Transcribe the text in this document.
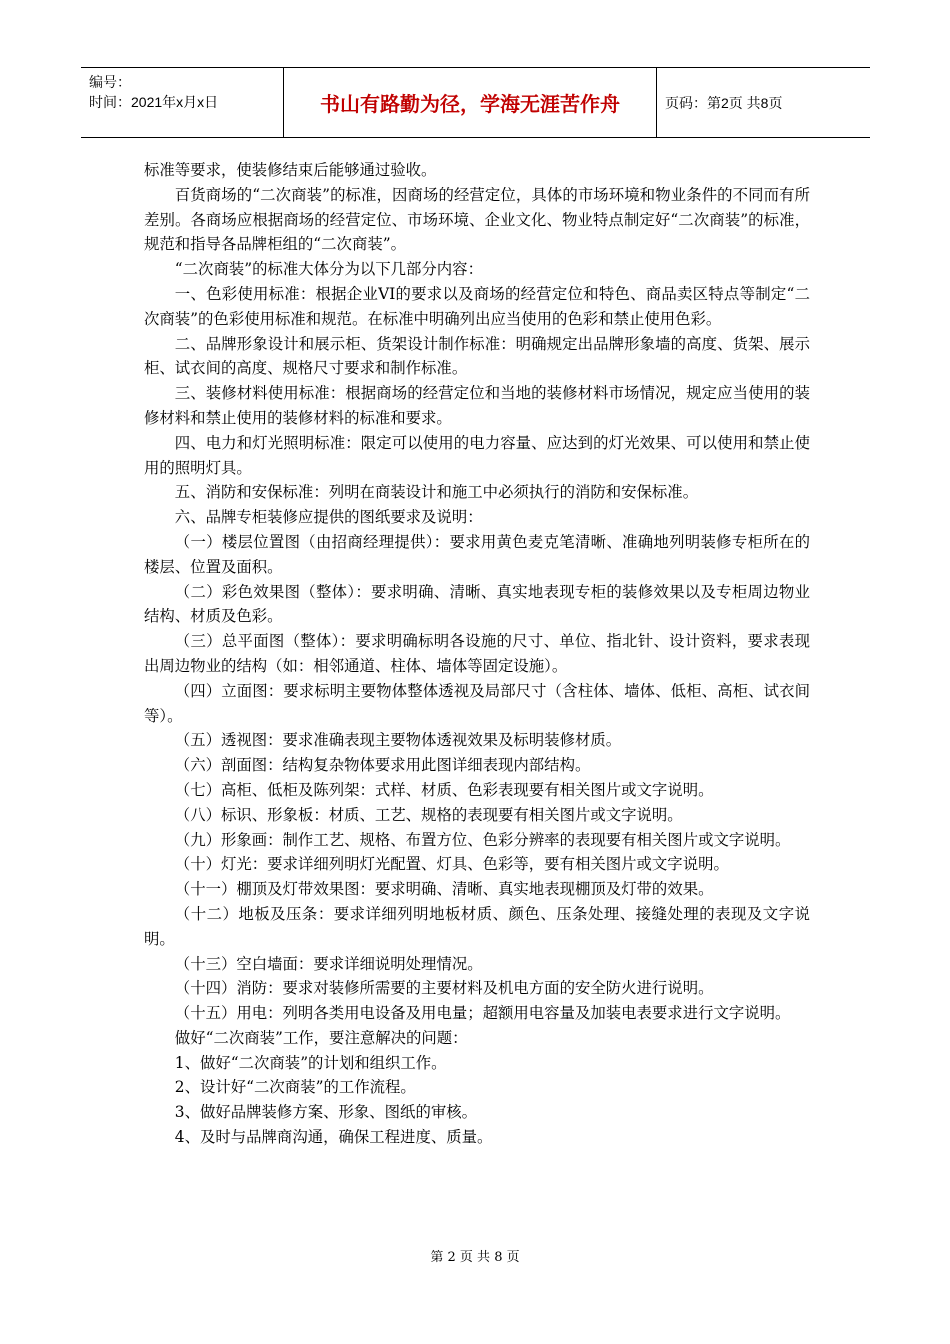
编号：
时间：2021年x月x日	书山有路勤为径，学海无涯苦作舟	页码：第2页 共8页

标准等要求，使装修结束后能够通过验收。

百货商场的“二次商装”的标准，因商场的经营定位，具体的市场环境和物业条件的不同而有所差别。各商场应根据商场的经营定位、市场环境、企业文化、物业特点制定好“二次商装”的标准，规范和指导各品牌柜组的“二次商装”。

“二次商装”的标准大体分为以下几部分内容：

一、色彩使用标准：根据企业VI的要求以及商场的经营定位和特色、商品卖区特点等制定“二次商装”的色彩使用标准和规范。在标准中明确列出应当使用的色彩和禁止使用色彩。

二、品牌形象设计和展示柜、货架设计制作标准：明确规定出品牌形象墙的高度、货架、展示柜、试衣间的高度、规格尺寸要求和制作标准。

三、装修材料使用标准：根据商场的经营定位和当地的装修材料市场情况，规定应当使用的装修材料和禁止使用的装修材料的标准和要求。

四、电力和灯光照明标准：限定可以使用的电力容量、应达到的灯光效果、可以使用和禁止使用的照明灯具。

五、消防和安保标准：列明在商装设计和施工中必须执行的消防和安保标准。

六、品牌专柜装修应提供的图纸要求及说明：

（一）楼层位置图（由招商经理提供）：要求用黄色麦克笔清晰、准确地列明装修专柜所在的楼层、位置及面积。

（二）彩色效果图（整体）：要求明确、清晰、真实地表现专柜的装修效果以及专柜周边物业结构、材质及色彩。

（三）总平面图（整体）：要求明确标明各设施的尺寸、单位、指北针、设计资料，要求表现出周边物业的结构（如：相邻通道、柱体、墙体等固定设施）。

（四）立面图：要求标明主要物体整体透视及局部尺寸（含柱体、墙体、低柜、高柜、试衣间等）。

（五）透视图：要求准确表现主要物体透视效果及标明装修材质。

（六）剖面图：结构复杂物体要求用此图详细表现内部结构。

（七）高柜、低柜及陈列架：式样、材质、色彩表现要有相关图片或文字说明。

（八）标识、形象板：材质、工艺、规格的表现要有相关图片或文字说明。

（九）形象画：制作工艺、规格、布置方位、色彩分辨率的表现要有相关图片或文字说明。

（十）灯光：要求详细列明灯光配置、灯具、色彩等，要有相关图片或文字说明。

（十一）棚顶及灯带效果图：要求明确、清晰、真实地表现棚顶及灯带的效果。

（十二）地板及压条：要求详细列明地板材质、颜色、压条处理、接缝处理的表现及文字说明。

（十三）空白墙面：要求详细说明处理情况。

（十四）消防：要求对装修所需要的主要材料及机电方面的安全防火进行说明。

（十五）用电：列明各类用电设备及用电量；超额用电容量及加装电表要求进行文字说明。

做好“二次商装”工作，要注意解决的问题：

1、做好“二次商装”的计划和组织工作。

2、设计好“二次商装”的工作流程。

3、做好品牌装修方案、形象、图纸的审核。

4、及时与品牌商沟通，确保工程进度、质量。

第 2 页 共 8 页
